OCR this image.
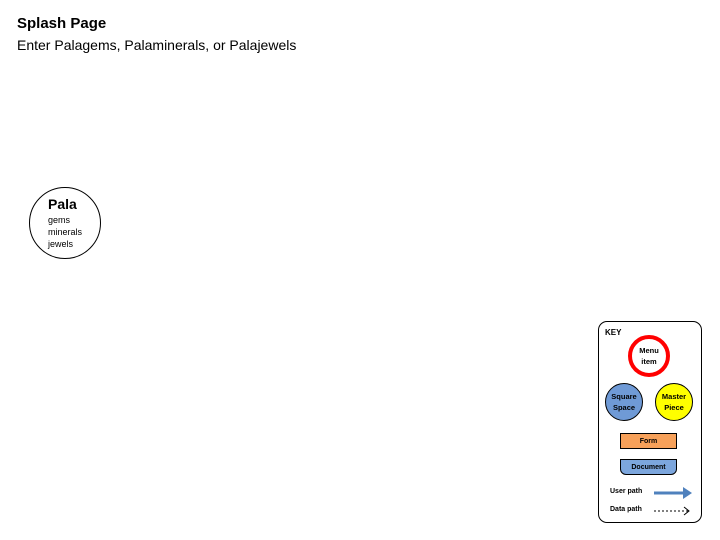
Splash Page
Enter Palagems, Palaminerals, or Palajewels
Pala
gems
minerals
jewels
KEY
Menu
item
Square
Space
Master
Piece
Form
Document
User path
Data path
